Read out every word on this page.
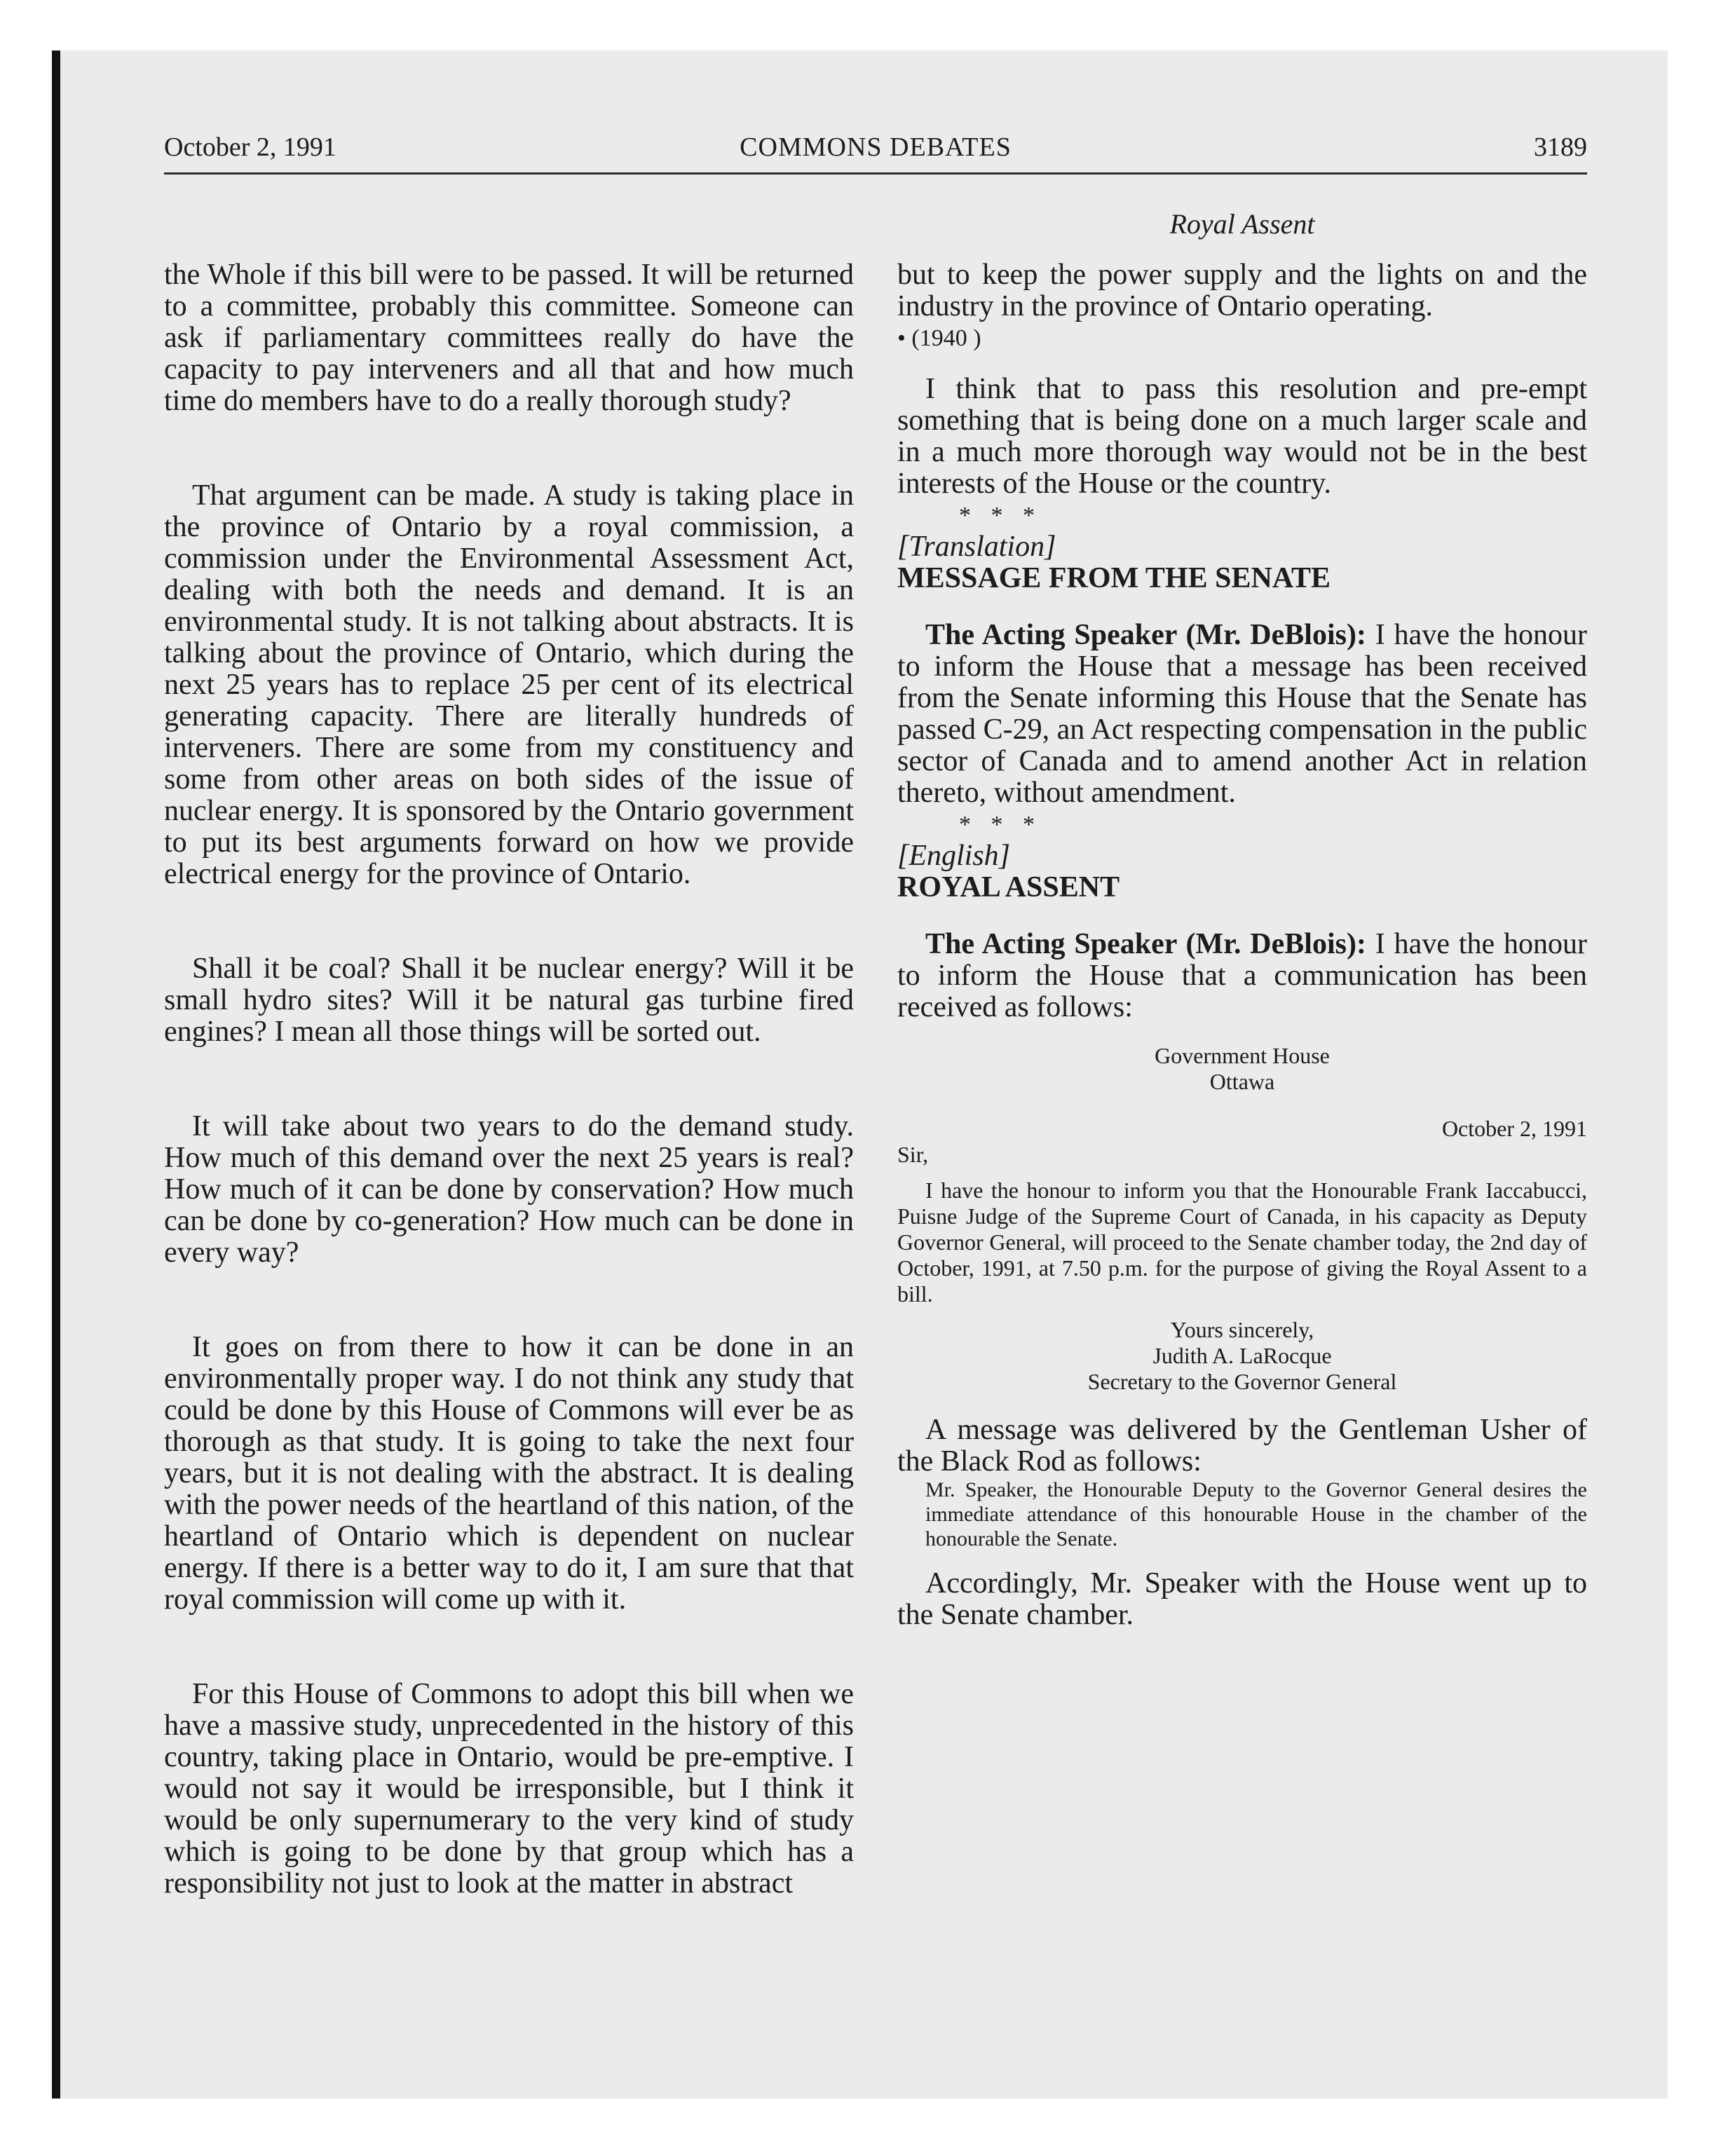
October 2, 1991	COMMONS DEBATES	3189
Royal Assent

the Whole if this bill were to be passed. It will be returned to a committee, probably this committee. Someone can ask if parliamentary committees really do have the capacity to pay interveners and all that and how much time do members have to do a really thorough study?

That argument can be made. A study is taking place in the province of Ontario by a royal commission, a commission under the Environmental Assessment Act, dealing with both the needs and demand. It is an environmental study. It is not talking about abstracts. It is talking about the province of Ontario, which during the next 25 years has to replace 25 per cent of its electrical generating capacity. There are literally hundreds of interveners. There are some from my constituency and some from other areas on both sides of the issue of nuclear energy. It is sponsored by the Ontario government to put its best arguments forward on how we provide electrical energy for the province of Ontario.

Shall it be coal? Shall it be nuclear energy? Will it be small hydro sites? Will it be natural gas turbine fired engines? I mean all those things will be sorted out.

It will take about two years to do the demand study. How much of this demand over the next 25 years is real? How much of it can be done by conservation? How much can be done by co-generation? How much can be done in every way?

It goes on from there to how it can be done in an environmentally proper way. I do not think any study that could be done by this House of Commons will ever be as thorough as that study. It is going to take the next four years, but it is not dealing with the abstract. It is dealing with the power needs of the heartland of this nation, of the heartland of Ontario which is dependent on nuclear energy. If there is a better way to do it, I am sure that that royal commission will come up with it.

For this House of Commons to adopt this bill when we have a massive study, unprecedented in the history of this country, taking place in Ontario, would be pre-emptive. I would not say it would be irresponsible, but I think it would be only supernumerary to the very kind of study which is going to be done by that group which has a responsibility not just to look at the matter in abstract

but to keep the power supply and the lights on and the industry in the province of Ontario operating.

• (1940 )

I think that to pass this resolution and pre-empt something that is being done on a much larger scale and in a much more thorough way would not be in the best interests of the House or the country.

* * *

[Translation]

MESSAGE FROM THE SENATE

The Acting Speaker (Mr. DeBlois): I have the honour to inform the House that a message has been received from the Senate informing this House that the Senate has passed C-29, an Act respecting compensation in the public sector of Canada and to amend another Act in relation thereto, without amendment.

* * *

[English]

ROYAL ASSENT

The Acting Speaker (Mr. DeBlois): I have the honour to inform the House that a communication has been received as follows:

Government House
Ottawa
October 2, 1991
Sir,

I have the honour to inform you that the Honourable Frank Iaccabucci, Puisne Judge of the Supreme Court of Canada, in his capacity as Deputy Governor General, will proceed to the Senate chamber today, the 2nd day of October, 1991, at 7.50 p.m. for the purpose of giving the Royal Assent to a bill.

Yours sincerely,
Judith A. LaRocque
Secretary to the Governor General

A message was delivered by the Gentleman Usher of the Black Rod as follows:

Mr. Speaker, the Honourable Deputy to the Governor General desires the immediate attendance of this honourable House in the chamber of the honourable the Senate.

Accordingly, Mr. Speaker with the House went up to the Senate chamber.
